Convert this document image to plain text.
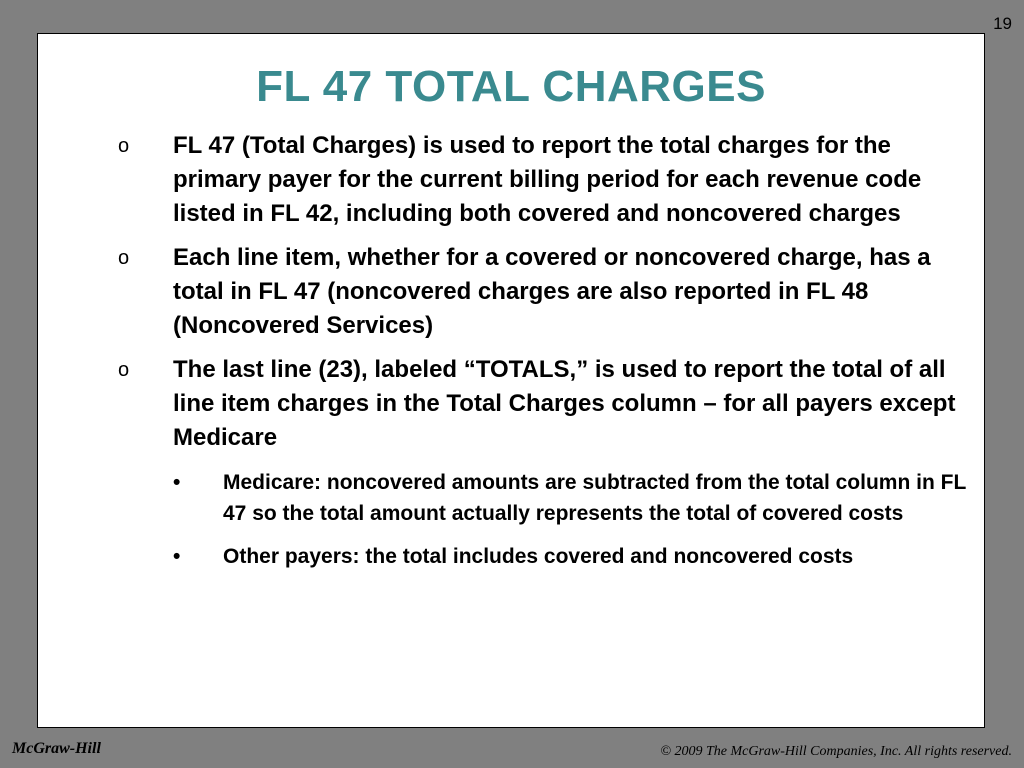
19
FL 47 TOTAL CHARGES
o FL 47 (Total Charges) is used to report the total charges for the primary payer for the current billing period for each revenue code listed in FL 42, including both covered and noncovered charges
o Each line item, whether for a covered or noncovered charge, has a total in FL 47 (noncovered charges are also reported in FL 48 (Noncovered Services)
o The last line (23), labeled “TOTALS,” is used to report the total of all line item charges in the Total Charges column – for all payers except Medicare
• Medicare: noncovered amounts are subtracted from the total column in FL 47 so the total amount actually represents the total of covered costs
• Other payers: the total includes covered and noncovered costs
McGraw-Hill	© 2009 The McGraw-Hill Companies, Inc. All rights reserved.
